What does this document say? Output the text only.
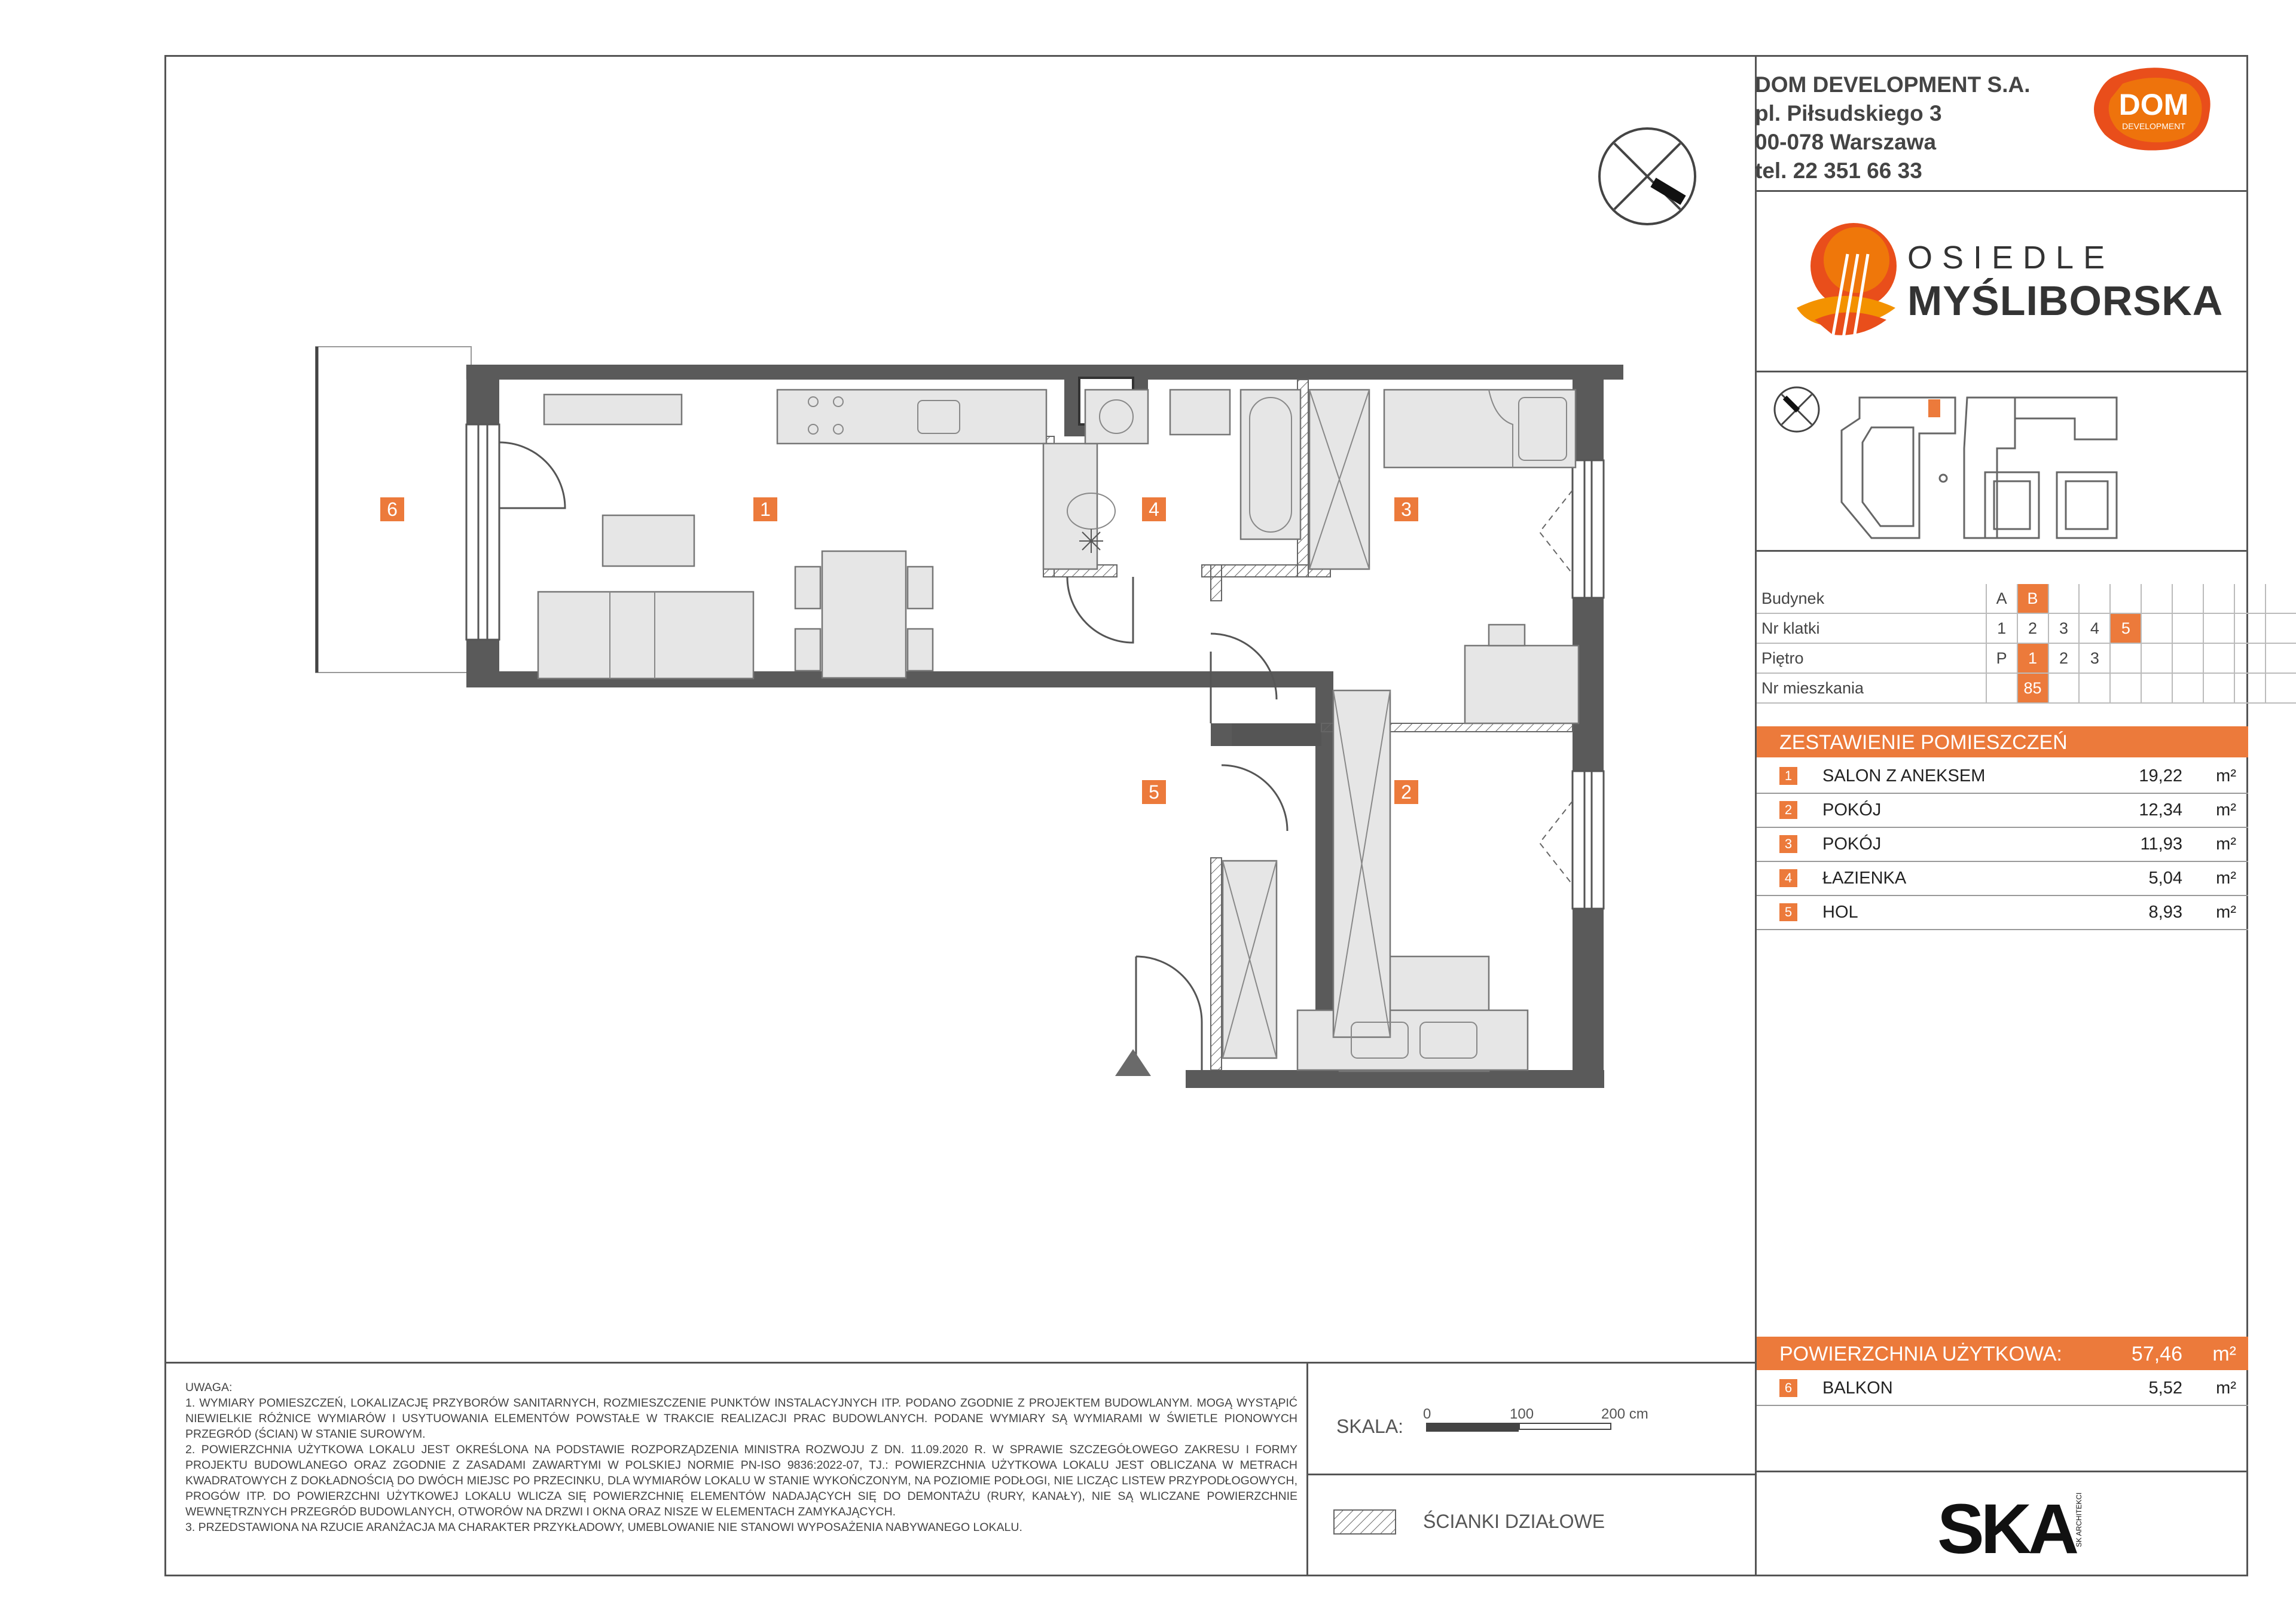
DOM DEVELOPMENT S.A.
pl. Piłsudskiego 3
00-078 Warszawa
tel. 22 351 66 33
DOM
DEVELOPMENT
OSIEDLE
MYŚLIBORSKA
Budynek	A	B								
Nr klatki	1	2	3	4	5					
Piętro	P	1	2	3						
Nr mieszkania		85								
ZESTAWIENIE POMIESZCZEŃ
1	SALON Z ANEKSEM	19,22 m²
2	POKÓJ	12,34 m²
3	POKÓJ	11,93 m²
4	ŁAZIENKA	5,04 m²
5	HOL	8,93 m²
POWIERZCHNIA UŻYTKOWA:	57,46 m²
6	BALKON	5,52 m²
6	1	4	3
5	2

UWAGA:

1. WYMIARY POMIESZCZEŃ, LOKALIZACJĘ PRZYBORÓW SANITARNYCH, ROZMIESZCZENIE PUNKTÓW INSTALACYJNYCH ITP. PODANO ZGODNIE Z PROJEKTEM BUDOWLANYM. MOGĄ WYSTĄPIĆ NIEWIELKIE RÓŻNICE WYMIARÓW I USYTUOWANIA ELEMENTÓW POWSTAŁE W TRAKCIE REALIZACJI PRAC BUDOWLANYCH. PODANE WYMIARY SĄ WYMIARAMI W ŚWIETLE PIONOWYCH PRZEGRÓD (ŚCIAN) W STANIE SUROWYM.

2. POWIERZCHNIA UŻYTKOWA LOKALU JEST OKREŚLONA NA PODSTAWIE ROZPORZĄDZENIA MINISTRA ROZWOJU Z DN. 11.09.2020 R. W SPRAWIE SZCZEGÓŁOWEGO ZAKRESU I FORMY PROJEKTU BUDOWLANEGO ORAZ ZGODNIE Z ZASADAMI ZAWARTYMI W POLSKIEJ NORMIE PN-ISO 9836:2022-07, TJ.: POWIERZCHNIA UŻYTKOWA LOKALU JEST OBLICZANA W METRACH KWADRATOWYCH Z DOKŁADNOŚCIĄ DO DWÓCH MIEJSC PO PRZECINKU, DLA WYMIARÓW LOKALU W STANIE WYKOŃCZONYM, NA POZIOMIE PODŁOGI, NIE LICZĄC LISTEW PRZYPODŁOGOWYCH, PROGÓW ITP. DO POWIERZCHNI UŻYTKOWEJ LOKALU WLICZA SIĘ POWIERZCHNIĘ ELEMENTÓW NADAJĄCYCH SIĘ DO DEMONTAŻU (RURY, KANAŁY), NIE SĄ WLICZANE POWIERZCHNIE WEWNĘTRZNYCH PRZEGRÓD BUDOWLANYCH, OTWORÓW NA DRZWI I OKNA ORAZ NISZE W ELEMENTACH ZAMYKAJĄCYCH.

3. PRZEDSTAWIONA NA RZUCIE ARANŻACJA MA CHARAKTER PRZYKŁADOWY, UMEBLOWANIE NIE STANOWI WYPOSAŻENIA NABYWANEGO LOKALU.

SKALA:
0	100	200 cm
ŚCIANKI DZIAŁOWE	SKA
SK ARCHITEKCI
